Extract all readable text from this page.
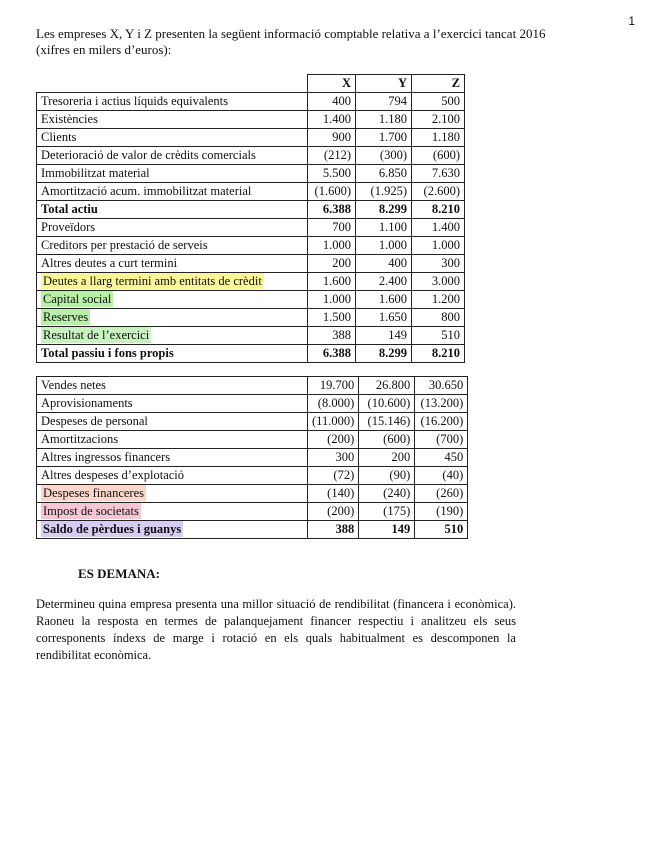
1
Les empreses X, Y i Z presenten la següent informació comptable relativa a l’exercici tancat 2016 (xifres en milers d’euros):
	X	Y	Z
Tresoreria i actius líquids equivalents	400	794	500
Existències	1.400	1.180	2.100
Clients	900	1.700	1.180
Deterioració de valor de crèdits comercials	(212)	(300)	(600)
Immobilitzat material	5.500	6.850	7.630
Amortització acum. immobilitzat material	(1.600)	(1.925)	(2.600)
Total actiu	6.388	8.299	8.210
Proveïdors	700	1.100	1.400
Creditors per prestació de serveis	1.000	1.000	1.000
Altres deutes a curt termini	200	400	300
Deutes a llarg termini amb entitats de crèdit	1.600	2.400	3.000
Capital social	1.000	1.600	1.200
Reserves	1.500	1.650	800
Resultat de l’exercici	388	149	510
Total passiu i fons propis	6.388	8.299	8.210
Vendes netes	19.700	26.800	30.650
Aprovisionaments	(8.000)	(10.600)	(13.200)
Despeses de personal	(11.000)	(15.146)	(16.200)
Amortitzacions	(200)	(600)	(700)
Altres ingressos financers	300	200	450
Altres despeses d’explotació	(72)	(90)	(40)
Despeses financeres	(140)	(240)	(260)
Impost de societats	(200)	(175)	(190)
Saldo de pèrdues i guanys	388	149	510
ES DEMANA:
Determineu quina empresa presenta una millor situació de rendibilitat (financera i econòmica). Raoneu la resposta en termes de palanquejament financer respectiu i analitzeu els seus corresponents índexs de marge i rotació en els quals habitualment es descomponen la rendibilitat econòmica.
